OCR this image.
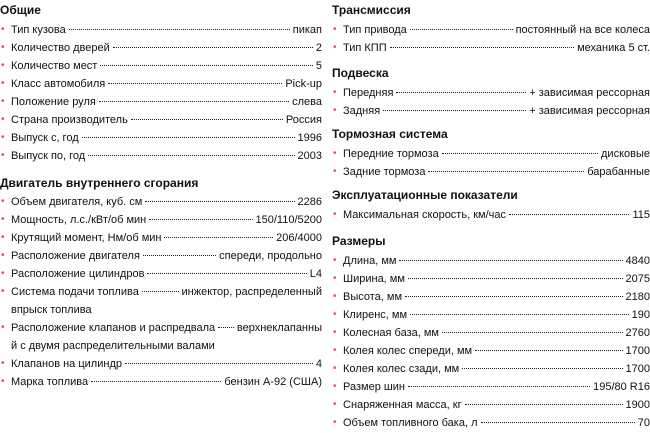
Общие

• Тип кузова	пикап
• Количество дверей	2
• Количество мест	5
• Класс автомобиля	Pick-up
• Положение руля	слева
• Страна производитель	Россия
• Выпуск с, год	1996
• Выпуск по, год	2003

Двигатель внутреннего сгорания

• Объем двигателя, куб. см	2286
• Мощность, л.с./кВт/об мин	150/110/5200
• Крутящий момент, Нм/об мин	206/4000
• Расположение двигателя	спереди, продольно
• Расположение цилиндров	L4
• Система подачи топлива	инжектор, распределенный
впрыск топлива
• Расположение клапанов и распредвала верхнеклапанны
й с двумя распределительными валами
• Клапанов на цилиндр	4
• Марка топлива	бензин А-92 (США)

Трансмиссия

• Тип привода	постоянный на все колеса
• Тип КПП	механика 5 ст.

Подвеска

• Передняя	+ зависимая рессорная
• Задняя	+ зависимая рессорная

Тормозная система

• Передние тормоза	дисковые
• Задние тормоза	барабанные

Эксплуатационные показатели

• Максимальная скорость, км/час	115

Размеры

• Длина, мм	4840
• Ширина, мм	2075
• Высота, мм	2180
• Клиренс, мм	190
• Колесная база, мм	2760
• Колея колес спереди, мм	1700
• Колея колес сзади, мм	1700
• Размер шин	195/80 R16
• Снаряженная масса, кг	1900
• Объем топливного бака, л	70
